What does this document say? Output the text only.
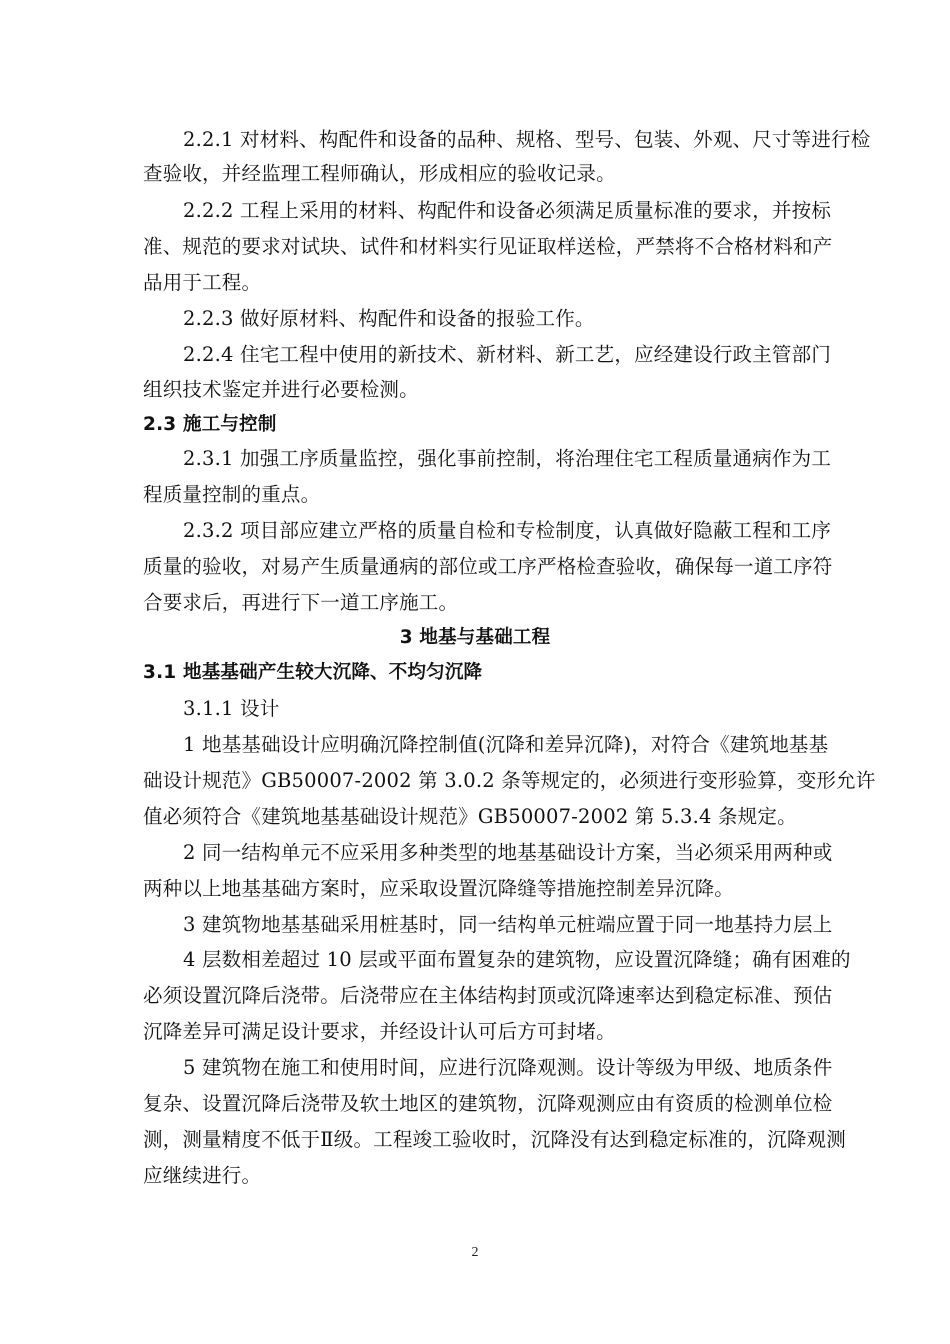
2.2.1 对材料、构配件和设备的品种、规格、型号、包装、外观、尺寸等进行检
查验收，并经监理工程师确认，形成相应的验收记录。
2.2.2 工程上采用的材料、构配件和设备必须满足质量标准的要求，并按标
准、规范的要求对试块、试件和材料实行见证取样送检，严禁将不合格材料和产
品用于工程。
2.2.3 做好原材料、构配件和设备的报验工作。
2.2.4 住宅工程中使用的新技术、新材料、新工艺，应经建设行政主管部门
组织技术鉴定并进行必要检测。
2.3 施工与控制
2.3.1 加强工序质量监控，强化事前控制，将治理住宅工程质量通病作为工
程质量控制的重点。
2.3.2 项目部应建立严格的质量自检和专检制度，认真做好隐蔽工程和工序
质量的验收，对易产生质量通病的部位或工序严格检查验收，确保每一道工序符
合要求后，再进行下一道工序施工。
3 地基与基础工程
3.1 地基基础产生较大沉降、不均匀沉降
3.1.1 设计
1 地基基础设计应明确沉降控制值(沉降和差异沉降)，对符合《建筑地基基
础设计规范》GB50007-2002 第 3.0.2 条等规定的，必须进行变形验算，变形允许
值必须符合《建筑地基基础设计规范》GB50007-2002 第 5.3.4 条规定。
2 同一结构单元不应采用多种类型的地基基础设计方案，当必须采用两种或
两种以上地基基础方案时，应采取设置沉降缝等措施控制差异沉降。
3 建筑物地基基础采用桩基时，同一结构单元桩端应置于同一地基持力层上
4 层数相差超过 10 层或平面布置复杂的建筑物，应设置沉降缝；确有困难的
必须设置沉降后浇带。后浇带应在主体结构封顶或沉降速率达到稳定标准、预估
沉降差异可满足设计要求，并经设计认可后方可封堵。
5 建筑物在施工和使用时间，应进行沉降观测。设计等级为甲级、地质条件
复杂、设置沉降后浇带及软土地区的建筑物，沉降观测应由有资质的检测单位检
测，测量精度不低于Ⅱ级。工程竣工验收时，沉降没有达到稳定标准的，沉降观测
应继续进行。
2
